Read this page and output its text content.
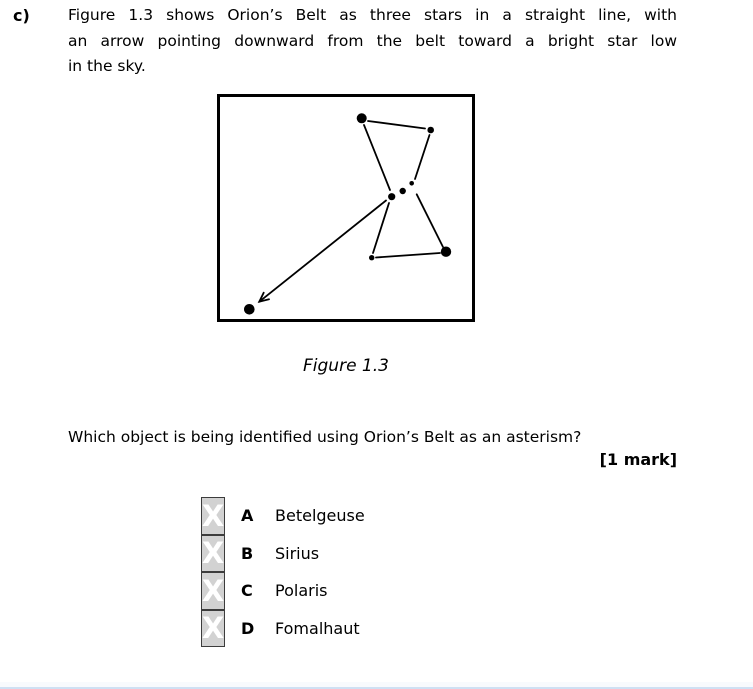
c) Figure 1.3 shows Orion’s Belt as three stars in a straight line, with
an arrow pointing downward from the belt toward a bright star low
in the sky.
Figure 1.3
Which object is being identified using Orion’s Belt as an asterism?
[1 mark]
X A	Betelgeuse
X B	Sirius
X C	Polaris
X D	Fomalhaut
